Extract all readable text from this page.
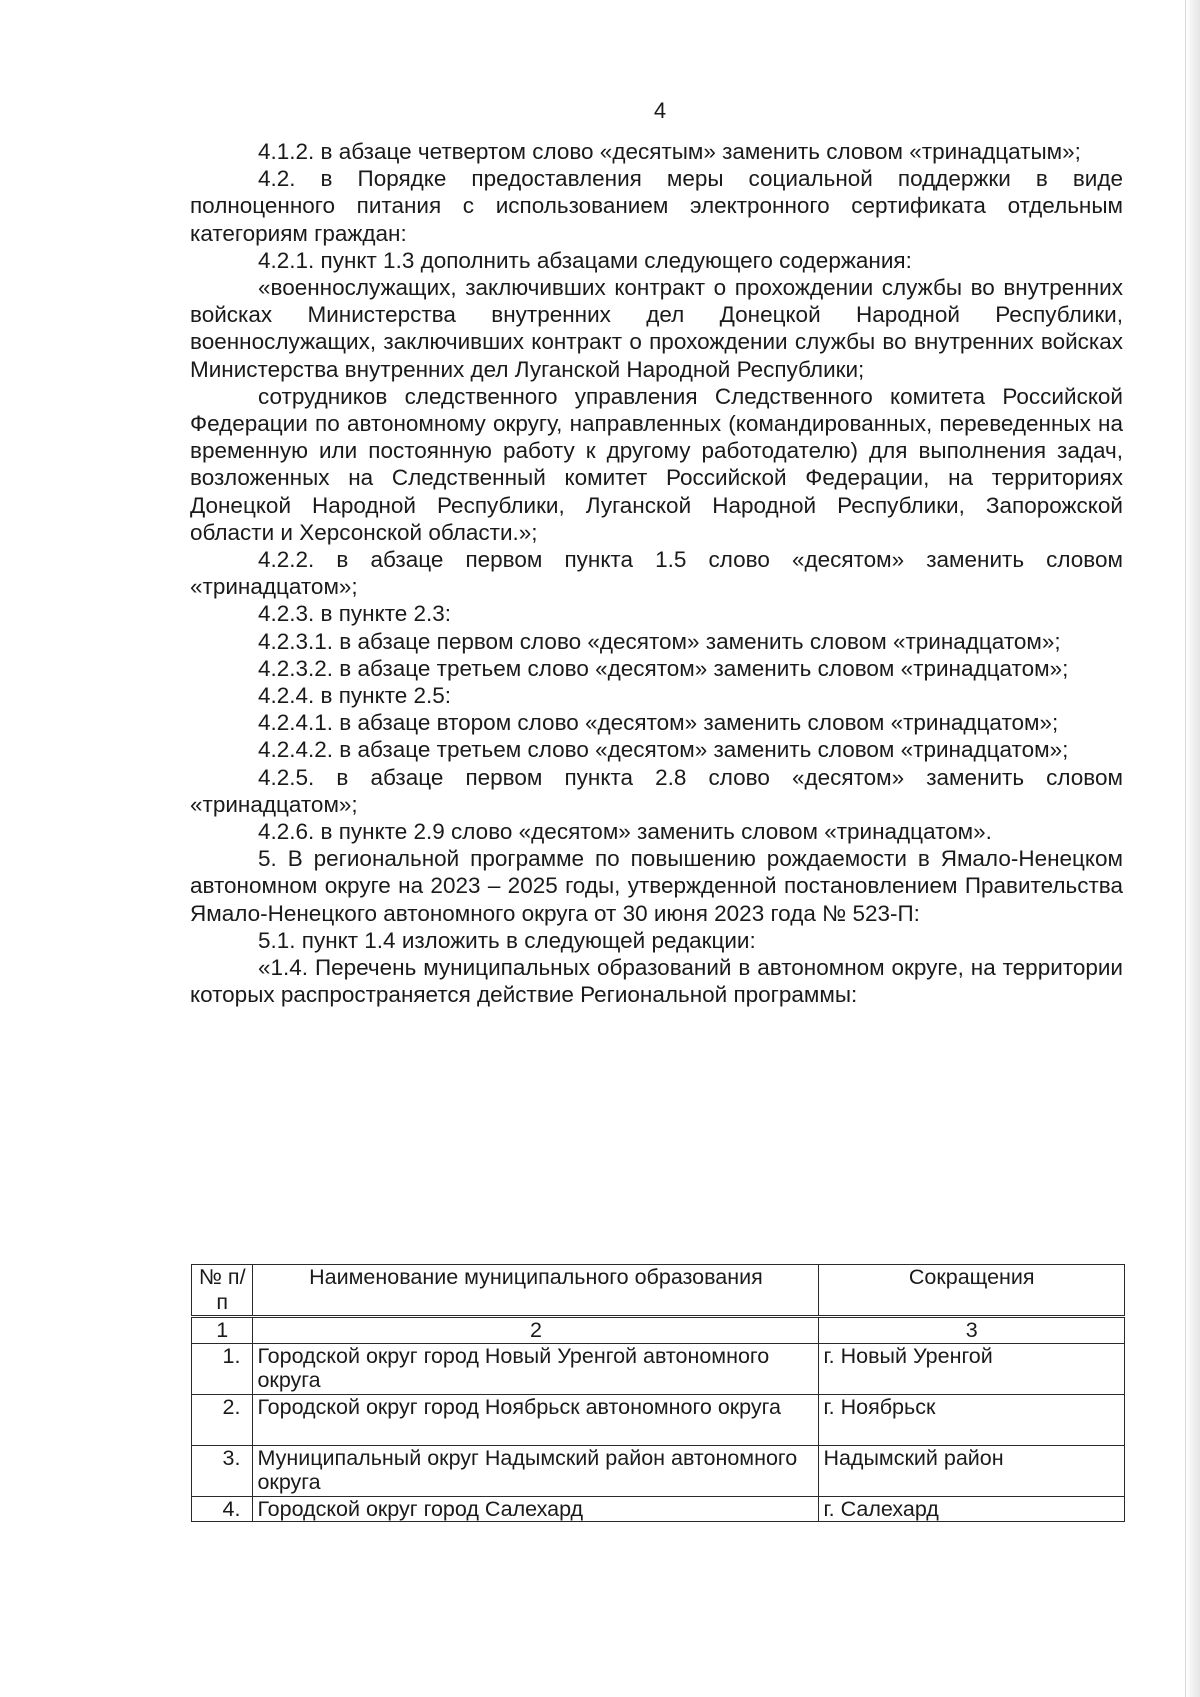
4

4.1.2. в абзаце четвертом слово «десятым» заменить словом «тринадцатым»;

4.2. в Порядке предоставления меры социальной поддержки в виде полноценного питания с использованием электронного сертификата отдельным категориям граждан:

4.2.1. пункт 1.3 дополнить абзацами следующего содержания:

«военнослужащих, заключивших контракт о прохождении службы во внутренних войсках Министерства внутренних дел Донецкой Народной Республики, военнослужащих, заключивших контракт о прохождении службы во внутренних войсках Министерства внутренних дел Луганской Народной Республики;

сотрудников следственного управления Следственного комитета Российской Федерации по автономному округу, направленных (командированных, переведенных на временную или постоянную работу к другому работодателю) для выполнения задач, возложенных на Следственный комитет Российской Федерации, на территориях Донецкой Народной Республики, Луганской Народной Республики, Запорожской области и Херсонской области.»;

4.2.2. в абзаце первом пункта 1.5 слово «десятом» заменить словом «тринадцатом»;

4.2.3. в пункте 2.3:

4.2.3.1. в абзаце первом слово «десятом» заменить словом «тринадцатом»;

4.2.3.2. в абзаце третьем слово «десятом» заменить словом «тринадцатом»;

4.2.4. в пункте 2.5:

4.2.4.1. в абзаце втором слово «десятом» заменить словом «тринадцатом»;

4.2.4.2. в абзаце третьем слово «десятом» заменить словом «тринадцатом»;

4.2.5. в абзаце первом пункта 2.8 слово «десятом» заменить словом «тринадцатом»;

4.2.6. в пункте 2.9 слово «десятом» заменить словом «тринадцатом».

5. В региональной программе по повышению рождаемости в Ямало-Ненецком автономном округе на 2023 – 2025 годы, утвержденной постановлением Правительства Ямало-Ненецкого автономного округа от 30 июня 2023 года № 523-П:

5.1. пункт 1.4 изложить в следующей редакции:

«1.4. Перечень муниципальных образований в автономном округе, на территории которых распространяется действие Региональной программы:

№ п/п	Наименование муниципального образования	Сокращения
1	2	3
1.	Городской округ город Новый Уренгой автономного округа	г. Новый Уренгой
2.	Городской округ город Ноябрьск автономного округа	г. Ноябрьск
3.	Муниципальный округ Надымский район автономного округа	Надымский район
4.	Городской округ город Салехард	г. Салехард
